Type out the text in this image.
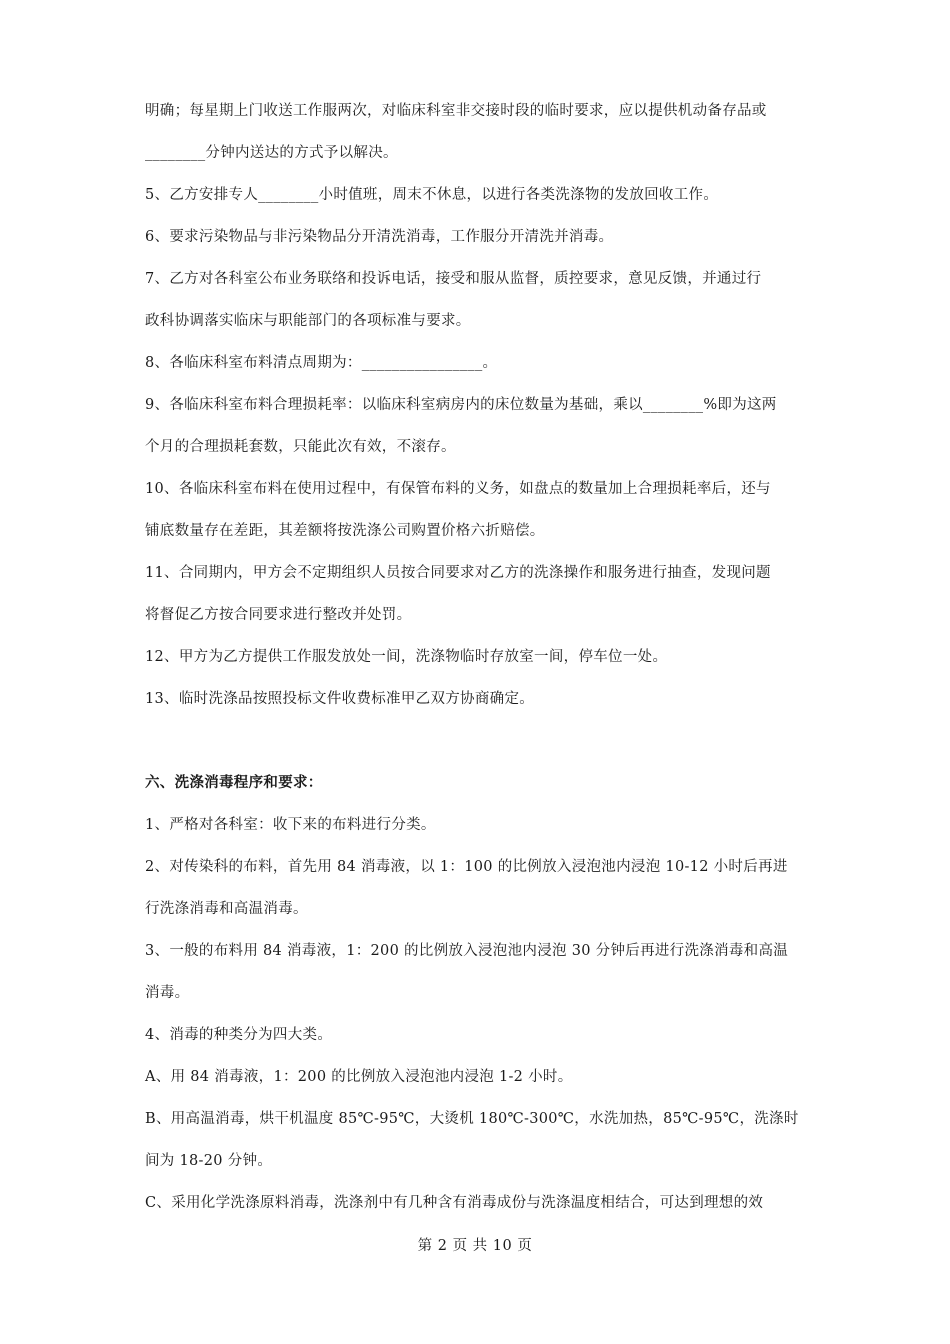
明确；每星期上门收送工作服两次，对临床科室非交接时段的临时要求，应以提供机动备存品或
________分钟内送达的方式予以解决。
5、乙方安排专人________小时值班，周末不休息，以进行各类洗涤物的发放回收工作。
6、要求污染物品与非污染物品分开清洗消毒，工作服分开清洗并消毒。
7、乙方对各科室公布业务联络和投诉电话，接受和服从监督，质控要求，意见反馈，并通过行
政科协调落实临床与职能部门的各项标准与要求。
8、各临床科室布料清点周期为：________________。
9、各临床科室布料合理损耗率：以临床科室病房内的床位数量为基础，乘以________%即为这两
个月的合理损耗套数，只能此次有效，不滚存。
10、各临床科室布料在使用过程中，有保管布料的义务，如盘点的数量加上合理损耗率后，还与
铺底数量存在差距，其差额将按洗涤公司购置价格六折赔偿。
11、合同期内，甲方会不定期组织人员按合同要求对乙方的洗涤操作和服务进行抽查，发现问题
将督促乙方按合同要求进行整改并处罚。
12、甲方为乙方提供工作服发放处一间，洗涤物临时存放室一间，停车位一处。
13、临时洗涤品按照投标文件收费标准甲乙双方协商确定。
六、洗涤消毒程序和要求：
1、严格对各科室：收下来的布料进行分类。
2、对传染科的布料，首先用 84 消毒液，以 1：100 的比例放入浸泡池内浸泡 10-12 小时后再进
行洗涤消毒和高温消毒。
3、一般的布料用 84 消毒液，1：200 的比例放入浸泡池内浸泡 30 分钟后再进行洗涤消毒和高温
消毒。
4、消毒的种类分为四大类。
A、用 84 消毒液，1：200 的比例放入浸泡池内浸泡 1-2 小时。
B、用高温消毒，烘干机温度 85℃-95℃，大烫机 180℃-300℃，水洗加热，85℃-95℃，洗涤时
间为 18-20 分钟。
C、采用化学洗涤原料消毒，洗涤剂中有几种含有消毒成份与洗涤温度相结合，可达到理想的效
第 2 页 共 10 页
